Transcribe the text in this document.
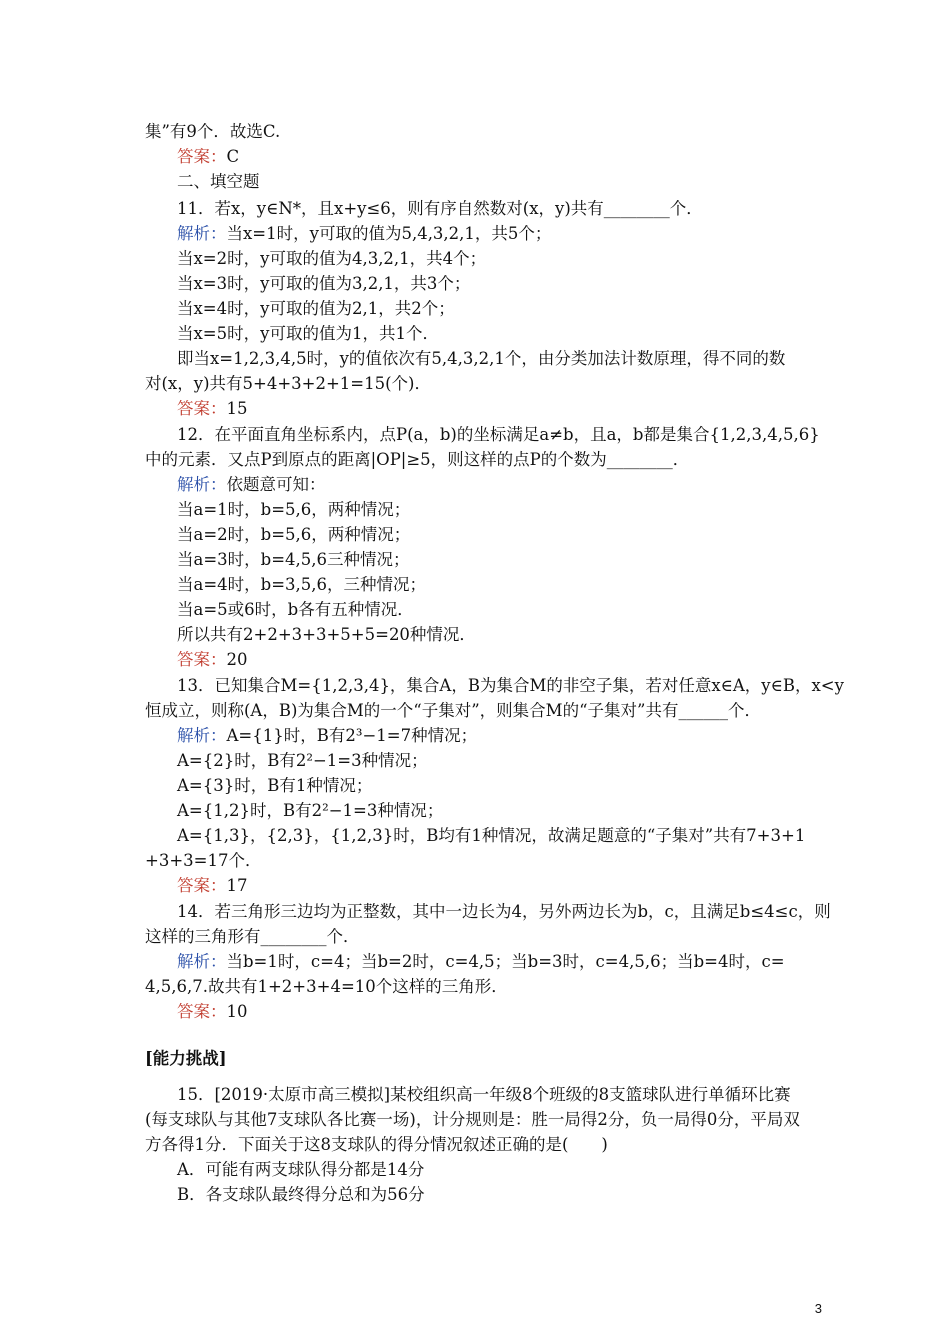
集”有9个．故选C.
答案：C
二、填空题
11．若x，y∈N*，且x+y≤6，则有序自然数对(x，y)共有________个．
解析：当x=1时，y可取的值为5,4,3,2,1，共5个；
当x=2时，y可取的值为4,3,2,1，共4个；
当x=3时，y可取的值为3,2,1，共3个；
当x=4时，y可取的值为2,1，共2个；
当x=5时，y可取的值为1，共1个．
即当x=1,2,3,4,5时，y的值依次有5,4,3,2,1个，由分类加法计数原理，得不同的数
对(x，y)共有5+4+3+2+1=15(个)．
答案：15
12．在平面直角坐标系内，点P(a，b)的坐标满足a≠b，且a，b都是集合{1,2,3,4,5,6}
中的元素．又点P到原点的距离|OP|≥5，则这样的点P的个数为________．
解析：依题意可知：
当a=1时，b=5,6，两种情况；
当a=2时，b=5,6，两种情况；
当a=3时，b=4,5,6三种情况；
当a=4时，b=3,5,6，三种情况；
当a=5或6时，b各有五种情况．
所以共有2+2+3+3+5+5=20种情况．
答案：20
13．已知集合M={1,2,3,4}，集合A，B为集合M的非空子集，若对任意x∈A，y∈B，x<y
恒成立，则称(A，B)为集合M的一个“子集对”，则集合M的“子集对”共有______个．
解析：A={1}时，B有2³−1=7种情况；
A={2}时，B有2²−1=3种情况；
A={3}时，B有1种情况；
A={1,2}时，B有2²−1=3种情况；
A={1,3}，{2,3}，{1,2,3}时，B均有1种情况，故满足题意的“子集对”共有7+3+1
+3+3=17个．
答案：17
14．若三角形三边均为正整数，其中一边长为4，另外两边长为b，c，且满足b≤4≤c，则
这样的三角形有________个．
解析：当b=1时，c=4；当b=2时，c=4,5；当b=3时，c=4,5,6；当b=4时，c=
4,5,6,7.故共有1+2+3+4=10个这样的三角形．
答案：10
[能力挑战]
15．[2019·太原市高三模拟]某校组织高一年级8个班级的8支篮球队进行单循环比赛
(每支球队与其他7支球队各比赛一场)，计分规则是：胜一局得2分，负一局得0分，平局双
方各得1分．下面关于这8支球队的得分情况叙述正确的是(　　)
A．可能有两支球队得分都是14分
B．各支球队最终得分总和为56分
3
